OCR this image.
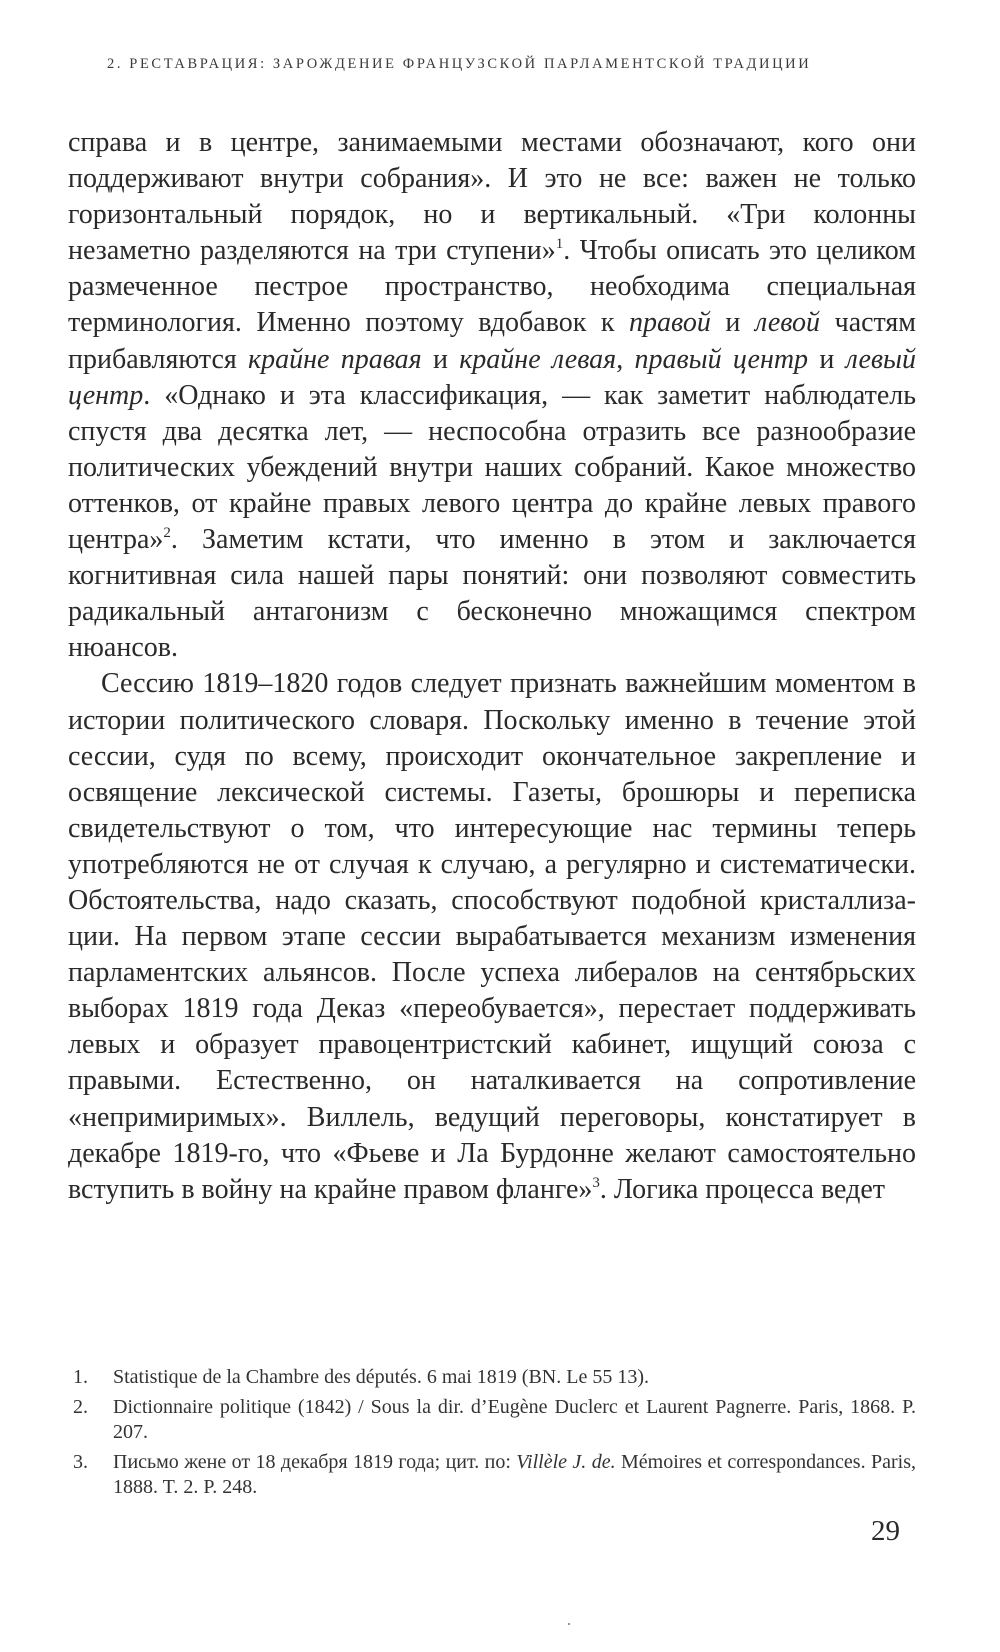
2. РЕСТАВРАЦИЯ: ЗАРОЖДЕНИЕ ФРАНЦУЗСКОЙ ПАРЛАМЕНТСКОЙ ТРАДИЦИИ

справа и в центре, занимаемыми местами обозначают, кого они поддерживают внутри собрания». И это не все: важен не только горизонтальный порядок, но и вертикальный. «Три колонны незаметно разделяются на три ступени»$^1$. Чтобы описать это целиком размеченное пестрое пространство, необходима специальная терминология. Именно поэтому вдобавок к правой и левой частям прибавляются крайне правая и крайне левая, правый центр и левый центр. «Однако и эта классификация, — как заметит наблюдатель спустя два десятка лет, — неспособна отразить все разнообразие политических убеждений внутри наших собраний. Какое множество оттенков, от крайне правых левого центра до крайне левых правого центра»$^2$. Заметим кстати, что именно в этом и заключается когнитивная сила нашей пары понятий: они позволяют совместить радикальный антагонизм с бесконечно множащимся спектром нюансов.

Сессию 1819–1820 годов следует признать важнейшим моментом в истории политического словаря. Поскольку именно в течение этой сессии, судя по всему, происходит окончательное закрепление и освящение лексической системы. Газеты, брошюры и переписка свидетельствуют о том, что интересующие нас термины теперь употребляются не от случая к случаю, а регулярно и систематически. Обстоятельства, надо сказать, способствуют подобной кристаллизации. На первом этапе сессии вырабатывается механизм изменения парламентских альянсов. После успеха либералов на сентябрьских выборах 1819 года Деказ «переобувается», перестает поддерживать левых и образует правоцентристский кабинет, ищущий союза с правыми. Естественно, он наталкивается на сопротивление «непримиримых». Виллель, ведущий переговоры, констатирует в декабре 1819-го, что «Фьеве и Ла Бурдонне желают самостоятельно вступить в войну на крайне правом фланге»$^3$. Логика процесса ведет

1. Statistique de la Chambre des députés. 6 mai 1819 (BN. Le 55 13).
2. Dictionnaire politique (1842) / Sous la dir. d’Eugène Duclerc et Laurent Pagnerre. Paris, 1868. P. 207.
3. Письмо жене от 18 декабря 1819 года; цит. по: Villèle J. de. Mémoires et correspondances. Paris, 1888. T. 2. P. 248.
29
